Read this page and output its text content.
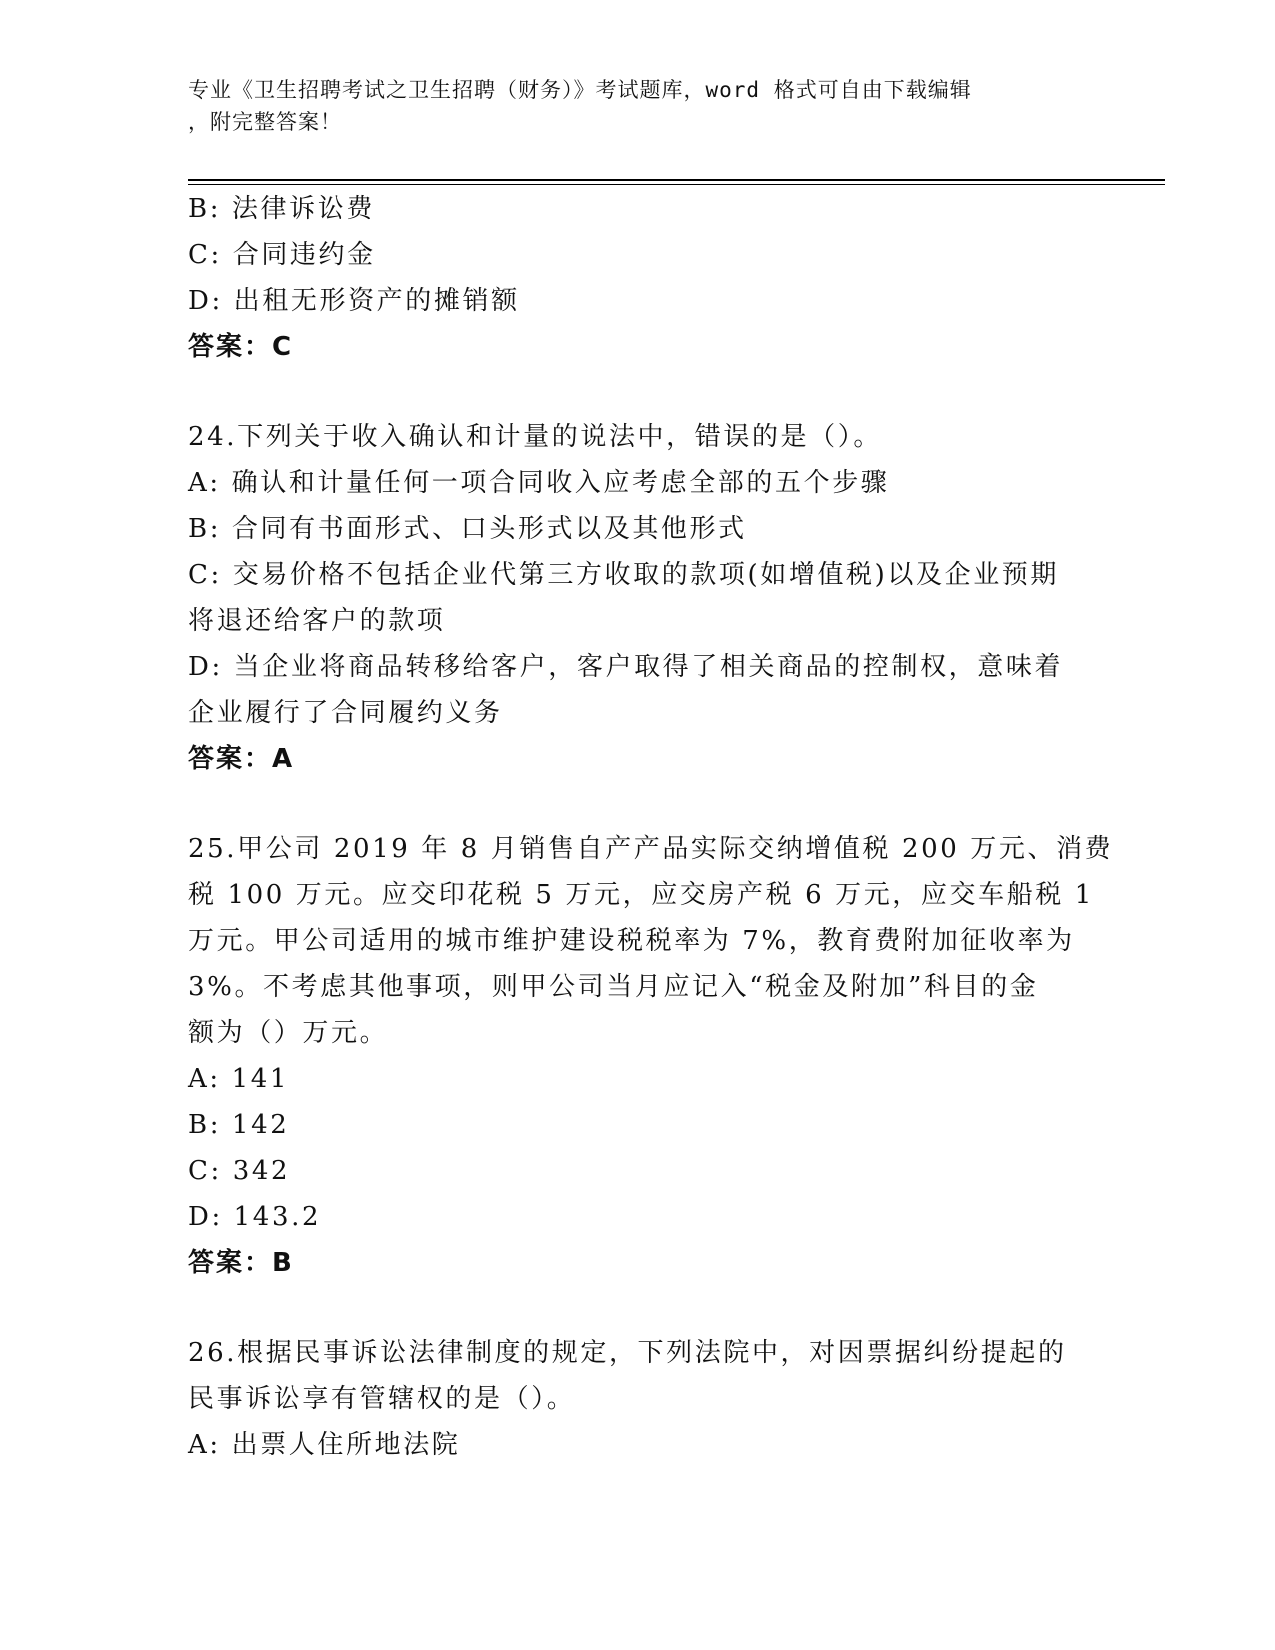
专业《卫生招聘考试之卫生招聘（财务）》考试题库，word 格式可自由下载编辑
，附完整答案！
B: 法律诉讼费
C: 合同违约金
D: 出租无形资产的摊销额
答案：C
24.下列关于收入确认和计量的说法中，错误的是（）。
A: 确认和计量任何一项合同收入应考虑全部的五个步骤
B: 合同有书面形式、口头形式以及其他形式
C: 交易价格不包括企业代第三方收取的款项(如增值税)以及企业预期
将退还给客户的款项
D: 当企业将商品转移给客户，客户取得了相关商品的控制权，意味着
企业履行了合同履约义务
答案：A
25.甲公司 2019 年 8 月销售自产产品实际交纳增值税 200 万元、消费
税 100 万元。应交印花税 5 万元，应交房产税 6 万元，应交车船税 1
万元。甲公司适用的城市维护建设税税率为 7%，教育费附加征收率为
3%。不考虑其他事项，则甲公司当月应记入“税金及附加”科目的金
额为（）万元。
A: 141
B: 142
C: 342
D: 143.2
答案：B
26.根据民事诉讼法律制度的规定，下列法院中，对因票据纠纷提起的
民事诉讼享有管辖权的是（）。
A: 出票人住所地法院
